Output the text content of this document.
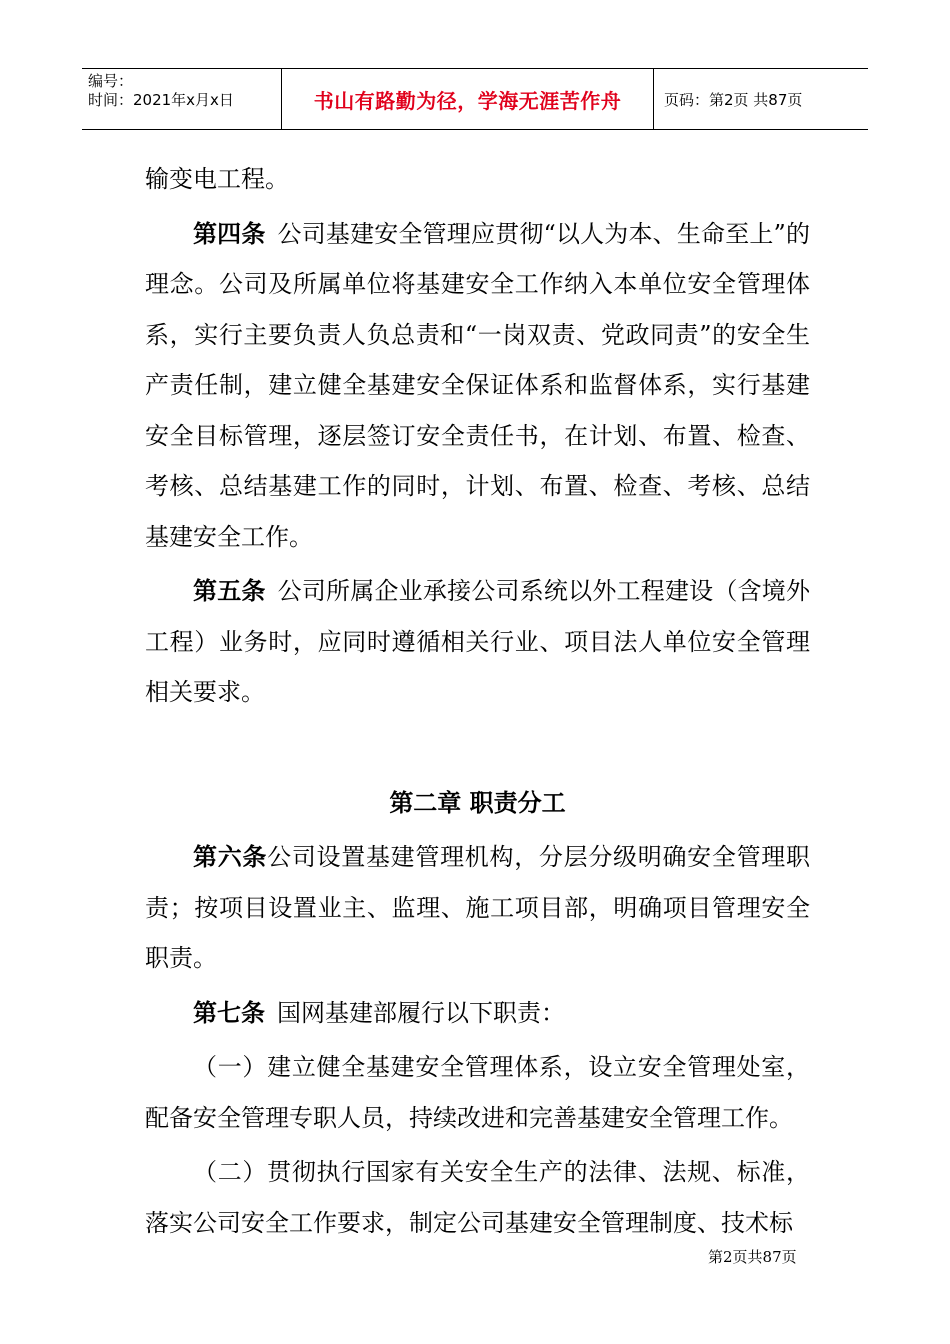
编号：
时间：2021年x月x日	书山有路勤为径，学海无涯苦作舟	页码：第2页 共87页

输变电工程。

第四条 公司基建安全管理应贯彻“以人为本、生命至上”的理念。公司及所属单位将基建安全工作纳入本单位安全管理体系，实行主要负责人负总责和“一岗双责、党政同责”的安全生产责任制，建立健全基建安全保证体系和监督体系，实行基建安全目标管理，逐层签订安全责任书，在计划、布置、检查、考核、总结基建工作的同时，计划、布置、检查、考核、总结基建安全工作。

第五条 公司所属企业承接公司系统以外工程建设（含境外工程）业务时，应同时遵循相关行业、项目法人单位安全管理相关要求。

第二章 职责分工

第六条公司设置基建管理机构，分层分级明确安全管理职责；按项目设置业主、监理、施工项目部，明确项目管理安全职责。

第七条 国网基建部履行以下职责：

（一）建立健全基建安全管理体系，设立安全管理处室，配备安全管理专职人员，持续改进和完善基建安全管理工作。

（二）贯彻执行国家有关安全生产的法律、法规、标准，落实公司安全工作要求，制定公司基建安全管理制度、技术标

第2页共87页
